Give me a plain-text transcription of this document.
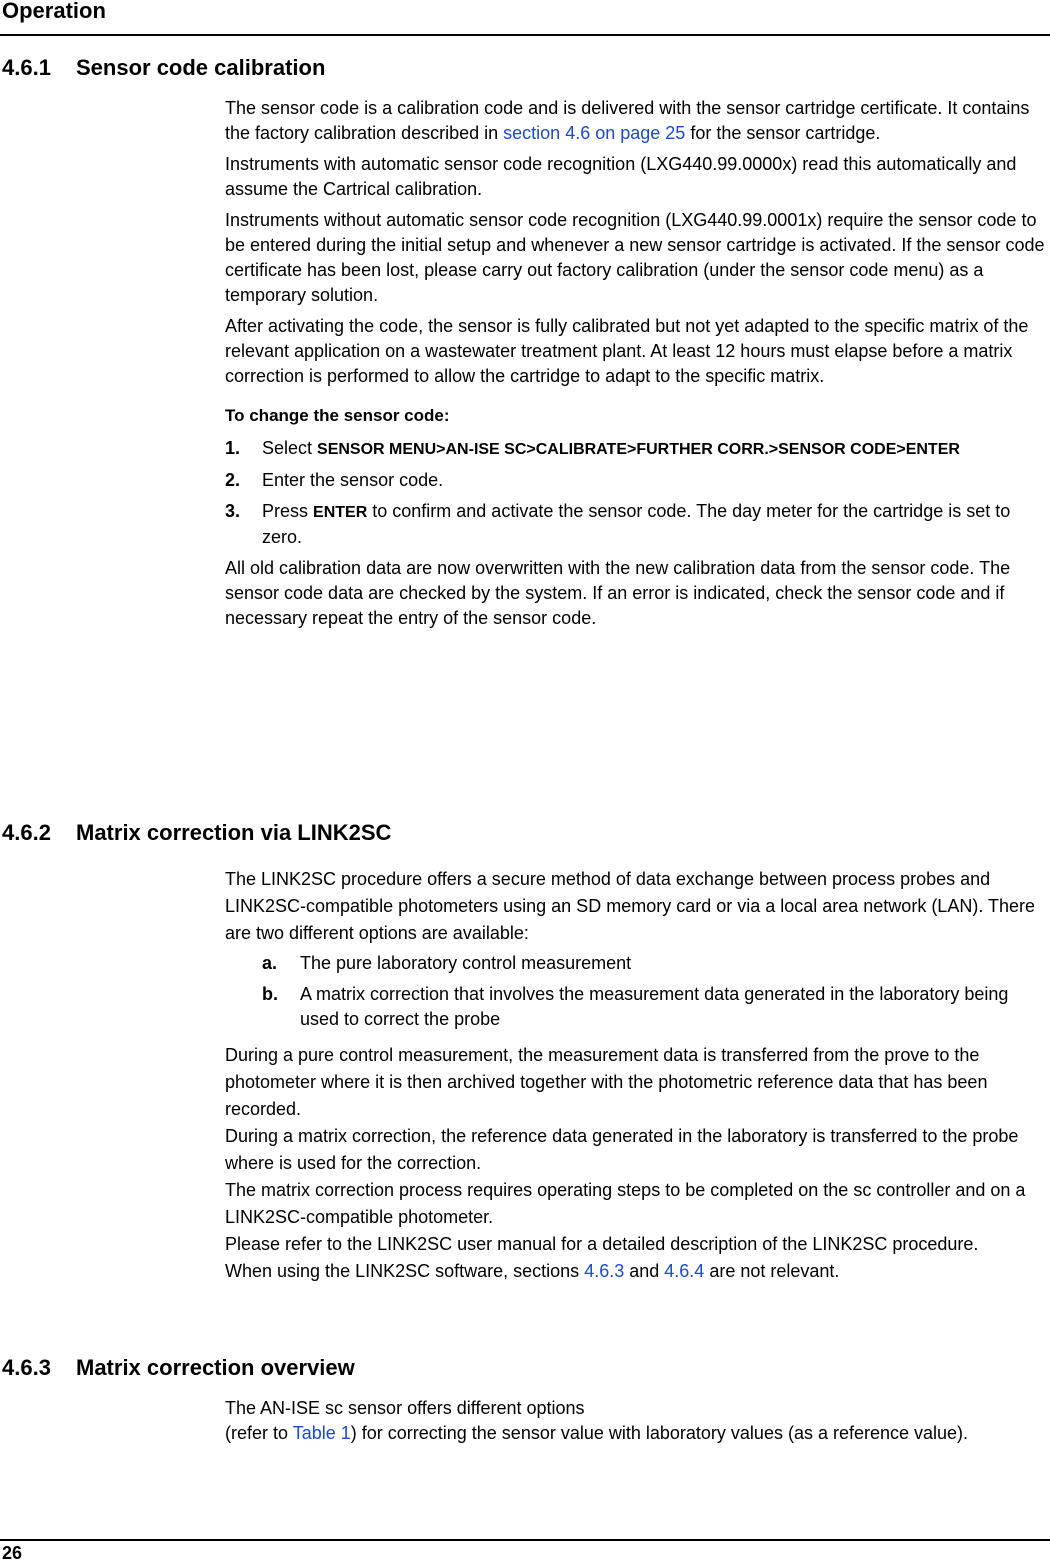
Operation
4.6.1 Sensor code calibration

The sensor code is a calibration code and is delivered with the sensor cartridge certificate. It contains the factory calibration described in section 4.6 on page 25 for the sensor cartridge.

Instruments with automatic sensor code recognition (LXG440.99.0000x) read this automatically and assume the Cartrical calibration.

Instruments without automatic sensor code recognition (LXG440.99.0001x) require the sensor code to be entered during the initial setup and whenever a new sensor cartridge is activated. If the sensor code certificate has been lost, please carry out factory calibration (under the sensor code menu) as a temporary solution.

After activating the code, the sensor is fully calibrated but not yet adapted to the specific matrix of the relevant application on a wastewater treatment plant. At least 12 hours must elapse before a matrix correction is performed to allow the cartridge to adapt to the specific matrix.

To change the sensor code:

1. Select SENSOR MENU>AN-ISE SC>CALIBRATE>FURTHER CORR.>SENSOR CODE>ENTER
2. Enter the sensor code.
3. Press ENTER to confirm and activate the sensor code. The day meter for the cartridge is set to zero.

All old calibration data are now overwritten with the new calibration data from the sensor code. The sensor code data are checked by the system. If an error is indicated, check the sensor code and if necessary repeat the entry of the sensor code.

4.6.2 Matrix correction via LINK2SC

The LINK2SC procedure offers a secure method of data exchange between process probes and LINK2SC-compatible photometers using an SD memory card or via a local area network (LAN). There are two different options are available:

a. The pure laboratory control measurement
b. A matrix correction that involves the measurement data generated in the laboratory being used to correct the probe

During a pure control measurement, the measurement data is transferred from the prove to the photometer where it is then archived together with the photometric reference data that has been recorded.

During a matrix correction, the reference data generated in the laboratory is transferred to the probe where is used for the correction.

The matrix correction process requires operating steps to be completed on the sc controller and on a LINK2SC-compatible photometer.

Please refer to the LINK2SC user manual for a detailed description of the LINK2SC procedure.

When using the LINK2SC software, sections 4.6.3 and 4.6.4 are not relevant.

4.6.3 Matrix correction overview

The AN-ISE sc sensor offers different options

(refer to Table 1) for correcting the sensor value with laboratory values (as a reference value).

26
